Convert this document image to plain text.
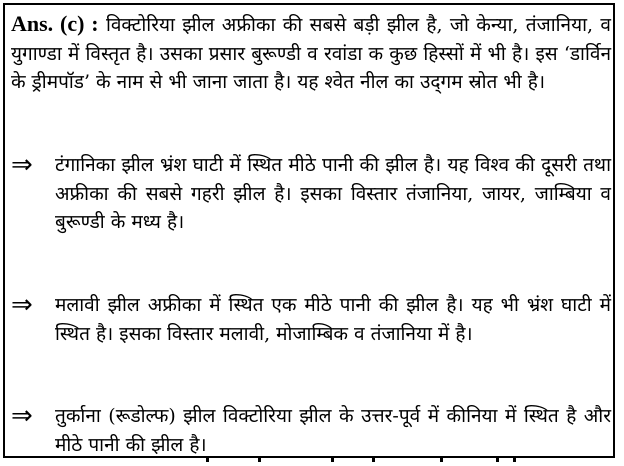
Ans. (c) : विक्टोरिया झील अफ्रीका की सबसे बड़ी झील है, जो केन्या, तंजानिया, व युगाण्डा में विस्तृत है। उसका प्रसार बुरूण्डी व रवांडा क कुछ हिस्सों में भी है। इस ‘डार्विन के ड्रीमपॉड’ के नाम से भी जाना जाता है। यह श्वेत नील का उद्‌गम स्रोत भी है।
⇒ टंगानिका झील भ्रंश घाटी में स्थित मीठे पानी की झील है। यह विश्व की दूसरी तथा अफ्रीका की सबसे गहरी झील है। इसका विस्तार तंजानिया, जायर, जाम्बिया व बुरूण्डी के मध्य है।
⇒ मलावी झील अफ्रीका में स्थित एक मीठे पानी की झील है। यह भी भ्रंश घाटी में स्थित है। इसका विस्तार मलावी, मोजाम्बिक व तंजानिया में है।
⇒ तुर्काना (रूडोल्फ) झील विक्टोरिया झील के उत्तर-पूर्व में कीनिया में स्थित है और मीठे पानी की झील है।
